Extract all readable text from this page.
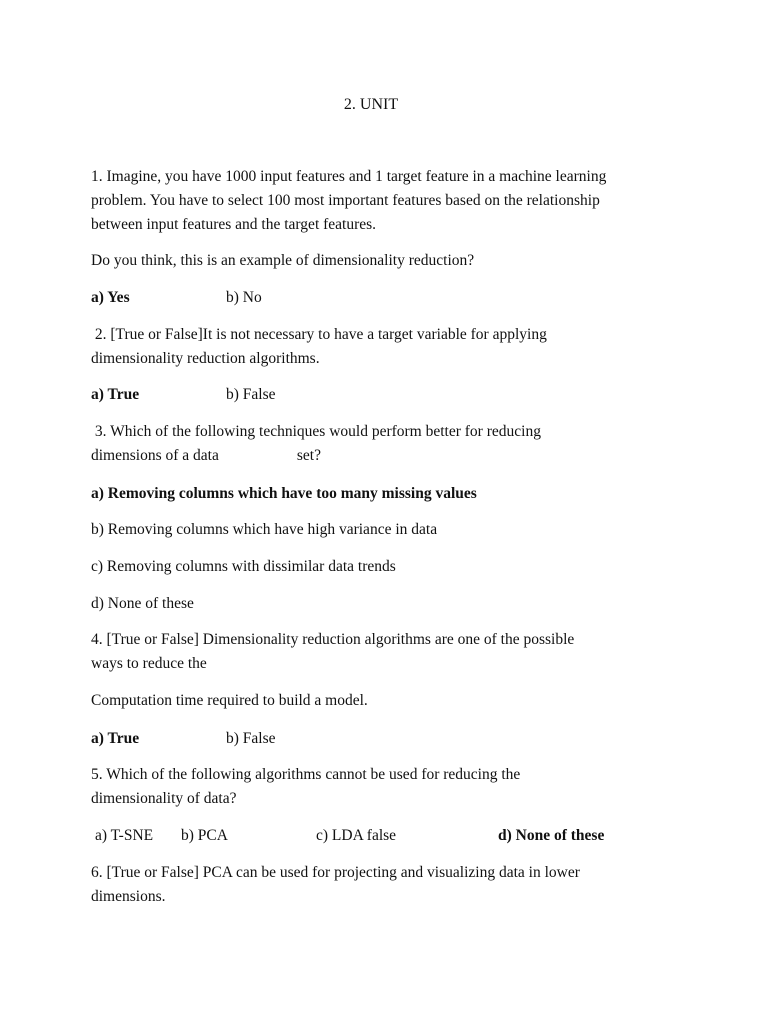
2. UNIT
1. Imagine, you have 1000 input features and 1 target feature in a machine learning
problem. You have to select 100 most important features based on the relationship
between input features and the target features.
Do you think, this is an example of dimensionality reduction?
a) Yes	b) No
2. [True or False]It is not necessary to have a target variable for applying
dimensionality reduction algorithms.
a) True	b) False
3. Which of the following techniques would perform better for reducing
dimensions of a data	set?
a) Removing columns which have too many missing values
b) Removing columns which have high variance in data
c) Removing columns with dissimilar data trends
d) None of these
4. [True or False] Dimensionality reduction algorithms are one of the possible
ways to reduce the
Computation time required to build a model.
a) True	b) False
5. Which of the following algorithms cannot be used for reducing the
dimensionality of data?
a) T-SNE b) PCA	c) LDA false	d) None of these
6. [True or False] PCA can be used for projecting and visualizing data in lower
dimensions.
